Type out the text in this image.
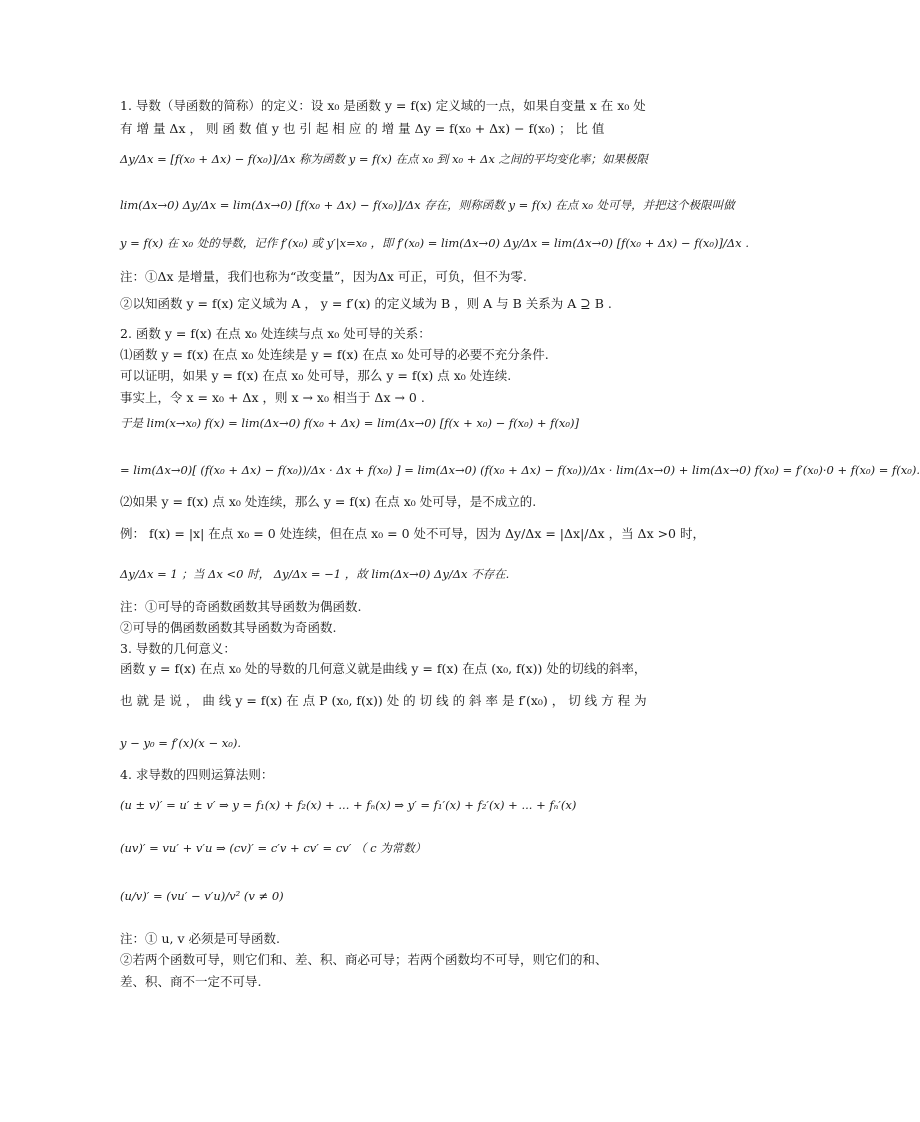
1. 导数（导函数的简称）的定义：设 x₀ 是函数 y = f(x) 定义域的一点，如果自变量 x 在 x₀ 处
有 增 量 Δx ， 则 函 数 值 y 也 引 起 相 应 的 增 量 Δy = f(x₀ + Δx) − f(x₀) ； 比 值
Δy/Δx = [f(x₀ + Δx) − f(x₀)]/Δx 称为函数 y = f(x) 在点 x₀ 到 x₀ + Δx 之间的平均变化率；如果极限
lim(Δx→0) Δy/Δx = lim(Δx→0) [f(x₀ + Δx) − f(x₀)]/Δx 存在，则称函数 y = f(x) 在点 x₀ 处可导，并把这个极限叫做
y = f(x) 在 x₀ 处的导数，记作 f′(x₀) 或 y′|x=x₀ ，即 f′(x₀) = lim(Δx→0) Δy/Δx = lim(Δx→0) [f(x₀ + Δx) − f(x₀)]/Δx .
注：①Δx 是增量，我们也称为“改变量”，因为Δx 可正，可负，但不为零.
②以知函数 y = f(x) 定义域为 A ， y = f′(x) 的定义域为 B ，则 A 与 B 关系为 A ⊇ B .
2. 函数 y = f(x) 在点 x₀ 处连续与点 x₀ 处可导的关系：
⑴函数 y = f(x) 在点 x₀ 处连续是 y = f(x) 在点 x₀ 处可导的必要不充分条件.
可以证明，如果 y = f(x) 在点 x₀ 处可导，那么 y = f(x) 点 x₀ 处连续.
事实上，令 x = x₀ + Δx ，则 x → x₀ 相当于 Δx → 0 .
于是 lim(x→x₀) f(x) = lim(Δx→0) f(x₀ + Δx) = lim(Δx→0) [f(x + x₀) − f(x₀) + f(x₀)]
= lim(Δx→0)[ (f(x₀ + Δx) − f(x₀))/Δx · Δx + f(x₀) ] = lim(Δx→0) (f(x₀ + Δx) − f(x₀))/Δx · lim(Δx→0) + lim(Δx→0) f(x₀) = f′(x₀)·0 + f(x₀) = f(x₀).
⑵如果 y = f(x) 点 x₀ 处连续，那么 y = f(x) 在点 x₀ 处可导，是不成立的.
例： f(x) = |x| 在点 x₀ = 0 处连续，但在点 x₀ = 0 处不可导，因为 Δy/Δx = |Δx|/Δx ，当 Δx >0 时，
Δy/Δx = 1 ；当 Δx <0 时， Δy/Δx = −1 ，故 lim(Δx→0) Δy/Δx 不存在.
注：①可导的奇函数函数其导函数为偶函数.
②可导的偶函数函数其导函数为奇函数.
3. 导数的几何意义：
函数 y = f(x) 在点 x₀ 处的导数的几何意义就是曲线 y = f(x) 在点 (x₀, f(x)) 处的切线的斜率，
也 就 是 说 ， 曲 线 y = f(x) 在 点 P (x₀, f(x)) 处 的 切 线 的 斜 率 是 f′(x₀) ， 切 线 方 程 为
y − y₀ = f′(x)(x − x₀).
4. 求导数的四则运算法则：
(u ± v)′ = u′ ± v′ ⇒ y = f₁(x) + f₂(x) + ... + fₙ(x) ⇒ y′ = f₁′(x) + f₂′(x) + ... + fₙ′(x)
(uv)′ = vu′ + v′u ⇒ (cv)′ = c′v + cv′ = cv′ （ c 为常数）
(u/v)′ = (vu′ − v′u)/v² (v ≠ 0)
注：① u, v 必须是可导函数.
②若两个函数可导，则它们和、差、积、商必可导；若两个函数均不可导，则它们的和、
差、积、商不一定不可导.
